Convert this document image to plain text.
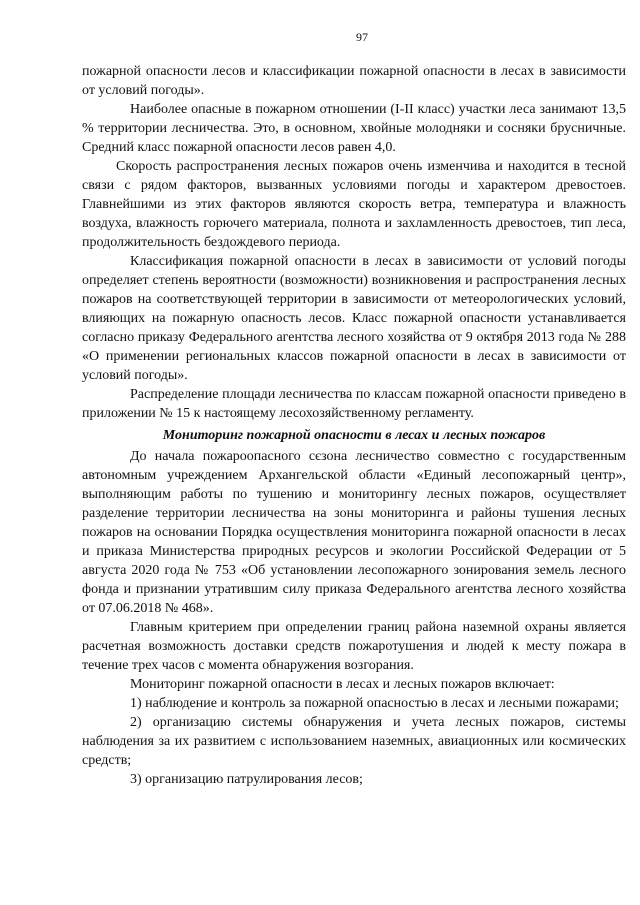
97

пожарной опасности лесов и классификации пожарной опасности в лесах в зависимости от условий погоды».

Наиболее опасные в пожарном отношении (I-II класс) участки леса занимают 13,5 % территории лесничества. Это, в основном, хвойные молодняки и сосняки брусничные. Средний класс пожарной опасности лесов равен 4,0.

Скорость распространения лесных пожаров очень изменчива и находится в тесной связи с рядом факторов, вызванных условиями погоды и характером древостоев. Главнейшими из этих факторов являются скорость ветра, температура и влажность воздуха, влажность горючего материала, полнота и захламленность древостоев, тип леса, продолжительность бездождевого периода.

Классификация пожарной опасности в лесах в зависимости от условий погоды определяет степень вероятности (возможности) возникновения и распространения лесных пожаров на соответствующей территории в зависимости от метеорологических условий, влияющих на пожарную опасность лесов. Класс пожарной опасности устанавливается согласно приказу Федерального агентства лесного хозяйства от 9 октября 2013 года № 288 «О применении региональных классов пожарной опасности в лесах в зависимости от условий погоды».

Распределение площади лесничества по классам пожарной опасности приведено в приложении № 15 к настоящему лесохозяйственному регламенту.

Мониторинг пожарной опасности в лесах и лесных пожаров

До начала пожароопасного сєзона лесничество совместно с государственным автономным учреждением Архангельской области «Единый лесопожарный центр», выполняющим работы по тушению и мониторингу лесных пожаров, осуществляет разделение территории лесничества на зоны мониторинга и районы тушения лесных пожаров на основании Порядка осуществления мониторинга пожарной опасности в лесах и приказа Министерства природных ресурсов и экологии Российской Федерации от 5 августа 2020 года № 753 «Об установлении лесопожарного зонирования земель лесного фонда и признании утратившим силу приказа Федерального агентства лесного хозяйства от 07.06.2018 № 468».

Главным критерием при определении границ района наземной охраны является расчетная возможность доставки средств пожаротушения и людей к месту пожара в течение трех часов с момента обнаружения возгорания.

Мониторинг пожарной опасности в лесах и лесных пожаров включает:

1) наблюдение и контроль за пожарной опасностью в лесах и лесными пожарами;

2) организацию системы обнаружения и учета лесных пожаров, системы наблюдения за их развитием с использованием наземных, авиационных или космических средств;

3) организацию патрулирования лесов;
